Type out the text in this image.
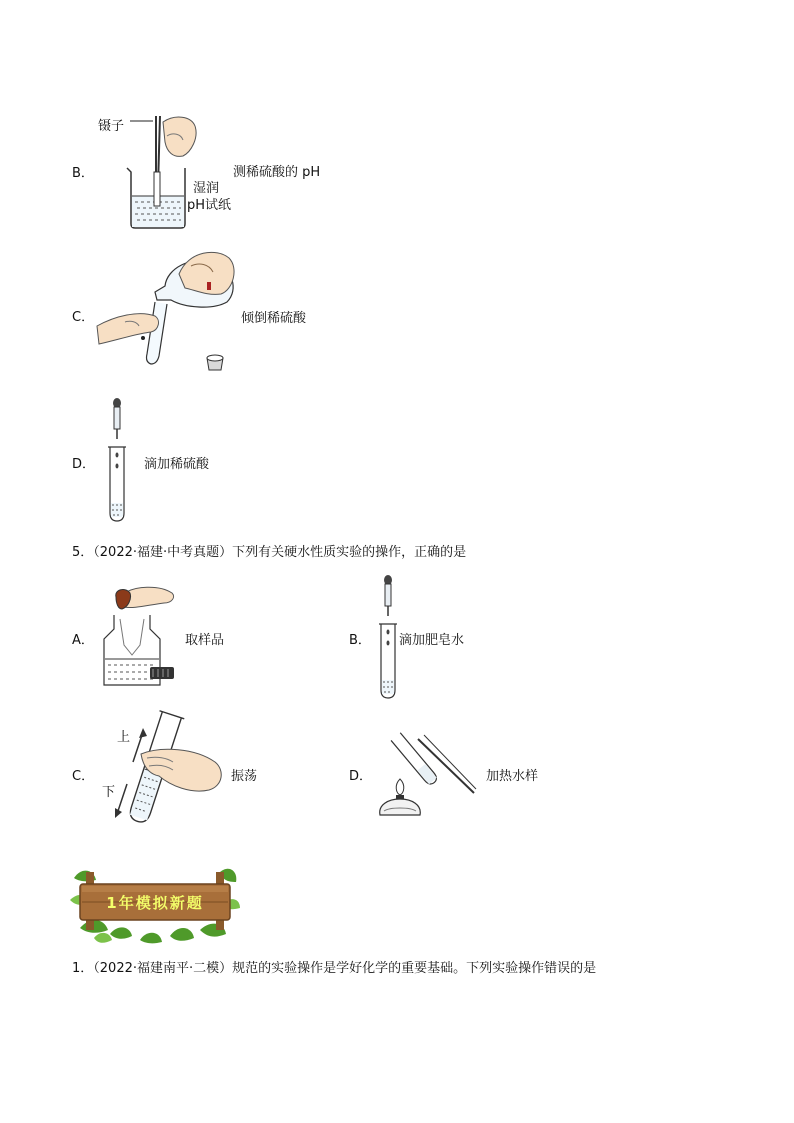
B．
镊子
湿润
pH试纸
测稀硫酸的 pH
C．	倾倒稀硫酸
D．	滴加稀硫酸
5．（2022·福建·中考真题）下列有关硬水性质实验的操作，正确的是
A．	取样品	B． 滴加肥皂水
C．
上
下
振荡	D．	加热水样
1年模拟新题
1．（2022·福建南平·二模）规范的实验操作是学好化学的重要基础。下列实验操作错误的是
